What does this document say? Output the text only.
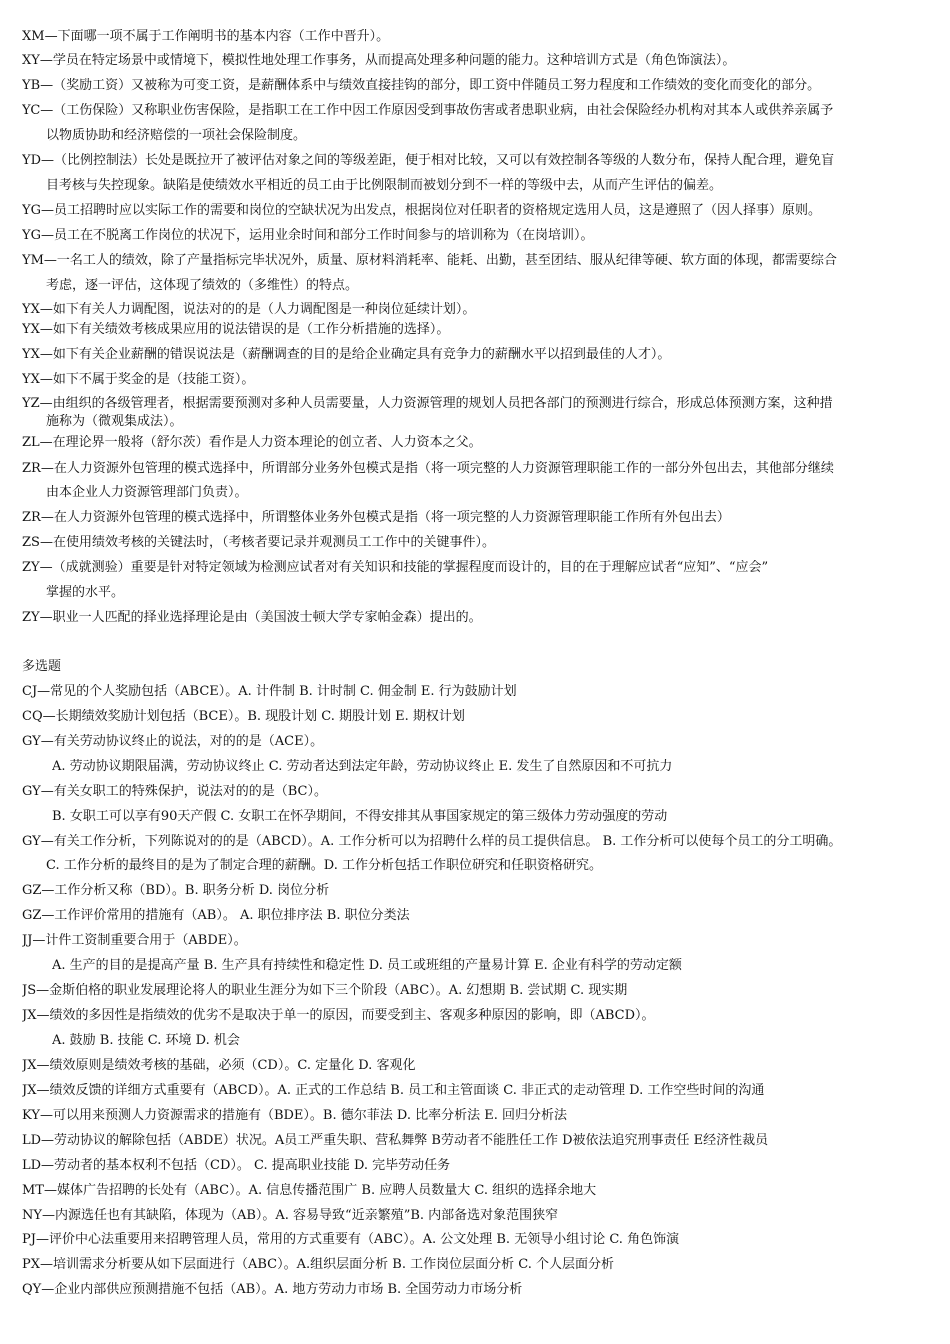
XM—下面哪一项不属于工作阐明书的基本内容（工作中晋升）。
XY—学员在特定场景中或情境下，模拟性地处理工作事务，从而提高处理多种问题的能力。这种培训方式是（角色饰演法）。
YB—（奖励工资）又被称为可变工资，是薪酬体系中与绩效直接挂钩的部分，即工资中伴随员工努力程度和工作绩效的变化而变化的部分。
YC—（工伤保险）又称职业伤害保险，是指职工在工作中因工作原因受到事故伤害或者患职业病，由社会保险经办机构对其本人或供养亲属予
以物质协助和经济赔偿的一项社会保险制度。
YD—（比例控制法）长处是既拉开了被评估对象之间的等级差距，便于相对比较，又可以有效控制各等级的人数分布，保持人配合理，避免盲
目考核与失控现象。缺陷是使绩效水平相近的员工由于比例限制而被划分到不一样的等级中去，从而产生评估的偏差。
YG—员工招聘时应以实际工作的需要和岗位的空缺状况为出发点，根据岗位对任职者的资格规定选用人员，这是遵照了（因人择事）原则。
YG—员工在不脱离工作岗位的状况下，运用业余时间和部分工作时间参与的培训称为（在岗培训）。
YM—一名工人的绩效，除了产量指标完毕状况外，质量、原材料消耗率、能耗、出勤，甚至团结、服从纪律等硬、软方面的体现，都需要综合
考虑，逐一评估，这体现了绩效的（多维性）的特点。
YX—如下有关人力调配图，说法对的的是（人力调配图是一种岗位延续计划）。
YX—如下有关绩效考核成果应用的说法错误的是（工作分析措施的选择）。
YX—如下有关企业薪酬的错误说法是（薪酬调查的目的是给企业确定具有竞争力的薪酬水平以招到最佳的人才）。
YX—如下不属于奖金的是（技能工资）。
YZ—由组织的各级管理者，根据需要预测对多种人员需要量，人力资源管理的规划人员把各部门的预测进行综合，形成总体预测方案，这种措
施称为（微观集成法）。
ZL—在理论界一般将（舒尔茨）看作是人力资本理论的创立者、人力资本之父。
ZR—在人力资源外包管理的模式选择中，所谓部分业务外包模式是指（将一项完整的人力资源管理职能工作的一部分外包出去，其他部分继续
由本企业人力资源管理部门负责）。
ZR—在人力资源外包管理的模式选择中，所谓整体业务外包模式是指（将一项完整的人力资源管理职能工作所有外包出去）
ZS—在使用绩效考核的关键法时，（考核者要记录并观测员工工作中的关键事件）。
ZY—（成就测验）重要是针对特定领域为检测应试者对有关知识和技能的掌握程度而设计的，目的在于理解应试者“应知”、“应会”
掌握的水平。
ZY—职业一人匹配的择业选择理论是由（美国波士顿大学专家帕金森）提出的。
多选题
CJ—常见的个人奖励包括（ABCE）。A. 计件制 B. 计时制 C. 佣金制 E. 行为鼓励计划
CQ—长期绩效奖励计划包括（BCE）。B. 现股计划 C. 期股计划 E. 期权计划
GY—有关劳动协议终止的说法，对的的是（ACE）。
A. 劳动协议期限届满，劳动协议终止 C. 劳动者达到法定年龄，劳动协议终止 E. 发生了自然原因和不可抗力
GY—有关女职工的特殊保护，说法对的的是（BC）。
B. 女职工可以享有90天产假 C. 女职工在怀孕期间，不得安排其从事国家规定的第三级体力劳动强度的劳动
GY—有关工作分析，下列陈说对的的是（ABCD）。A. 工作分析可以为招聘什么样的员工提供信息。 B. 工作分析可以使每个员工的分工明确。
C. 工作分析的最终目的是为了制定合理的薪酬。D. 工作分析包括工作职位研究和任职资格研究。
GZ—工作分析又称（BD）。B. 职务分析 D. 岗位分析
GZ—工作评价常用的措施有（AB）。 A. 职位排序法 B. 职位分类法
JJ—计件工资制重要合用于（ABDE）。
A. 生产的目的是提高产量 B. 生产具有持续性和稳定性 D. 员工或班组的产量易计算 E. 企业有科学的劳动定额
JS—金斯伯格的职业发展理论将人的职业生涯分为如下三个阶段（ABC）。A. 幻想期 B. 尝试期 C. 现实期
JX—绩效的多因性是指绩效的优劣不是取决于单一的原因，而要受到主、客观多种原因的影响，即（ABCD）。
A. 鼓励 B. 技能 C. 环境 D. 机会
JX—绩效原则是绩效考核的基础，必须（CD）。C. 定量化 D. 客观化
JX—绩效反馈的详细方式重要有（ABCD）。A. 正式的工作总结 B. 员工和主管面谈 C. 非正式的走动管理 D. 工作空些时间的沟通
KY—可以用来预测人力资源需求的措施有（BDE）。B. 德尔菲法 D. 比率分析法 E. 回归分析法
LD—劳动协议的解除包括（ABDE）状况。A员工严重失职、营私舞弊 B劳动者不能胜任工作 D被依法追究刑事责任 E经济性裁员
LD—劳动者的基本权利不包括（CD）。 C. 提高职业技能 D. 完毕劳动任务
MT—媒体广告招聘的长处有（ABC）。A. 信息传播范围广 B. 应聘人员数量大 C. 组织的选择余地大
NY—内源选任也有其缺陷，体现为（AB）。A. 容易导致“近亲繁殖”B. 内部备选对象范围狭窄
PJ—评价中心法重要用来招聘管理人员，常用的方式重要有（ABC）。A. 公文处理 B. 无领导小组讨论 C. 角色饰演
PX—培训需求分析要从如下层面进行（ABC）。A.组织层面分析 B. 工作岗位层面分析 C. 个人层面分析
QY—企业内部供应预测措施不包括（AB）。A. 地方劳动力市场 B. 全国劳动力市场分析
